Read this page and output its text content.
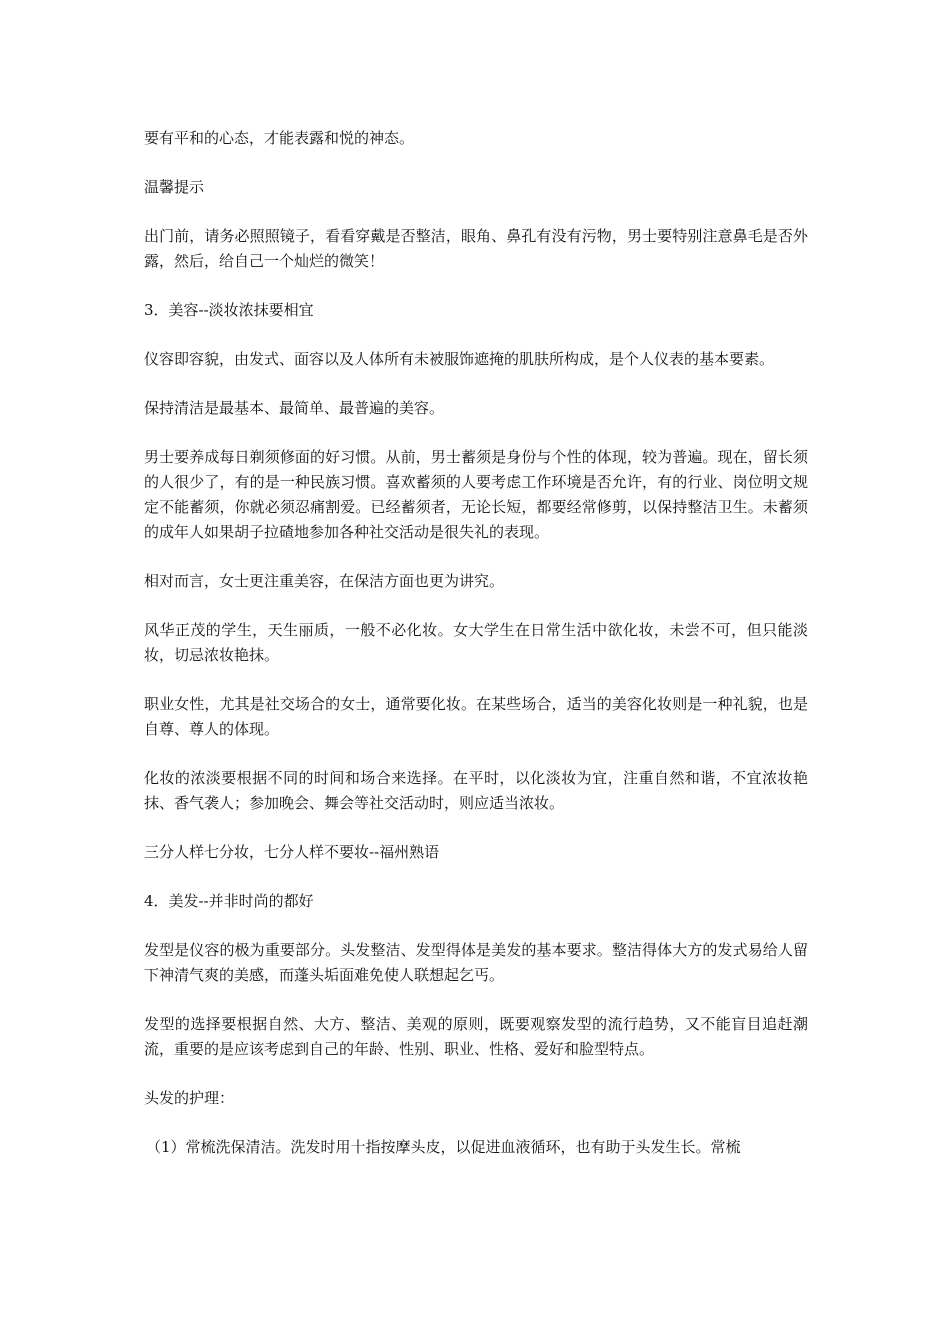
要有平和的心态，才能表露和悦的神态。

温馨提示

出门前，请务必照照镜子，看看穿戴是否整洁，眼角、鼻孔有没有污物，男士要特别注意鼻毛是否外露，然后，给自己一个灿烂的微笑！

3．美容--淡妆浓抹要相宜

仪容即容貌，由发式、面容以及人体所有未被服饰遮掩的肌肤所构成，是个人仪表的基本要素。

保持清洁是最基本、最简单、最普遍的美容。

男士要养成每日剃须修面的好习惯。从前，男士蓄须是身份与个性的体现，较为普遍。现在，留长须的人很少了，有的是一种民族习惯。喜欢蓄须的人要考虑工作环境是否允许，有的行业、岗位明文规定不能蓄须，你就必须忍痛割爱。已经蓄须者，无论长短，都要经常修剪，以保持整洁卫生。未蓄须的成年人如果胡子拉碴地参加各种社交活动是很失礼的表现。

相对而言，女士更注重美容，在保洁方面也更为讲究。

风华正茂的学生，天生丽质，一般不必化妆。女大学生在日常生活中欲化妆，未尝不可，但只能淡妆，切忌浓妆艳抹。

职业女性，尤其是社交场合的女士，通常要化妆。在某些场合，适当的美容化妆则是一种礼貌，也是自尊、尊人的体现。

化妆的浓淡要根据不同的时间和场合来选择。在平时，以化淡妆为宜，注重自然和谐，不宜浓妆艳抹、香气袭人；参加晚会、舞会等社交活动时，则应适当浓妆。

三分人样七分妆，七分人样不要妆--福州熟语

4．美发--并非时尚的都好

发型是仪容的极为重要部分。头发整洁、发型得体是美发的基本要求。整洁得体大方的发式易给人留下神清气爽的美感，而蓬头垢面难免使人联想起乞丐。

发型的选择要根据自然、大方、整洁、美观的原则，既要观察发型的流行趋势，又不能盲目追赶潮流，重要的是应该考虑到自己的年龄、性别、职业、性格、爱好和脸型特点。

头发的护理：

（1）常梳洗保清洁。洗发时用十指按摩头皮，以促进血液循环，也有助于头发生长。常梳
